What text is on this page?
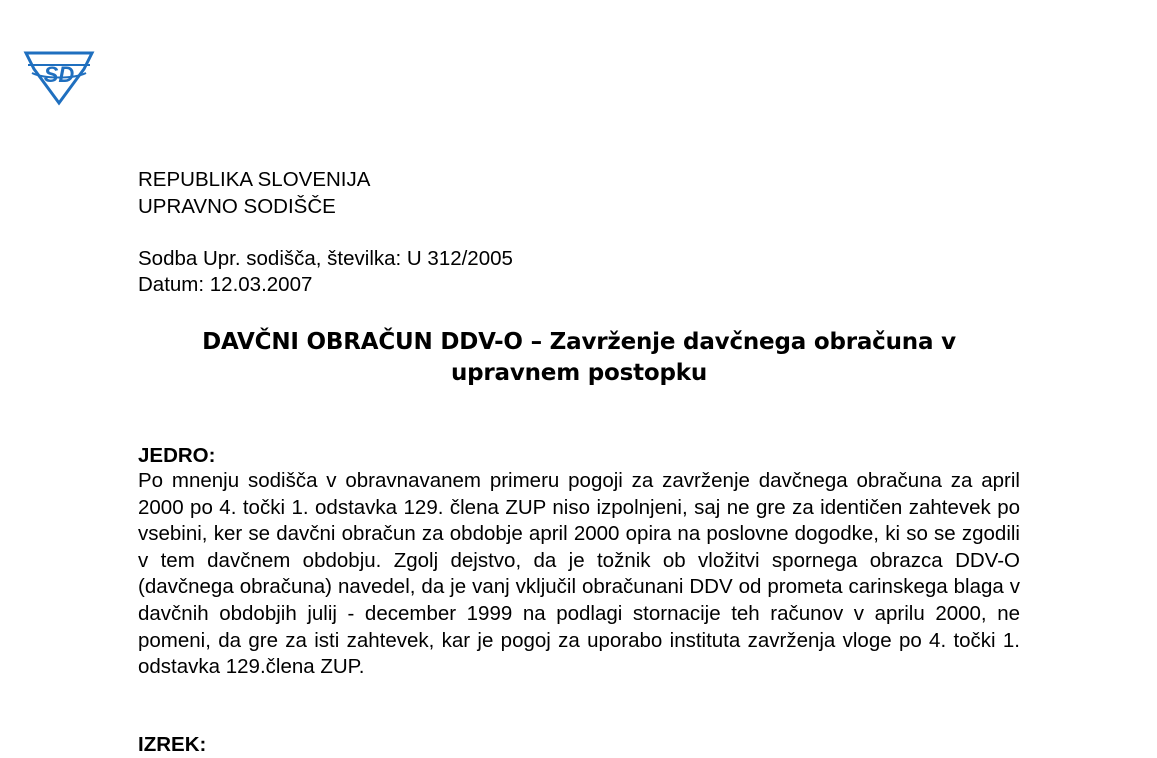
SD
REPUBLIKA SLOVENIJA
UPRAVNO SODIŠČE
Sodba Upr. sodišča, številka: U 312/2005
Datum: 12.03.2007
DAVČNI OBRAČUN DDV-O – Zavrženje davčnega obračuna v
upravnem postopku
JEDRO:
Po mnenju sodišča v obravnavanem primeru pogoji za zavrženje davčnega obračuna za april 2000 po 4. točki 1. odstavka 129. člena ZUP niso izpolnjeni, saj ne gre za identičen zahtevek po vsebini, ker se davčni obračun za obdobje april 2000 opira na poslovne dogodke, ki so se zgodili v tem davčnem obdobju. Zgolj dejstvo, da je tožnik ob vložitvi spornega obrazca DDV-O (davčnega obračuna) navedel, da je vanj vključil obračunani DDV od prometa carinskega blaga v davčnih obdobjih julij - december 1999 na podlagi stornacije teh računov v aprilu 2000, ne pomeni, da gre za isti zahtevek, kar je pogoj za uporabo instituta zavrženja vloge po 4. točki 1. odstavka 129.člena ZUP.
IZREK:
